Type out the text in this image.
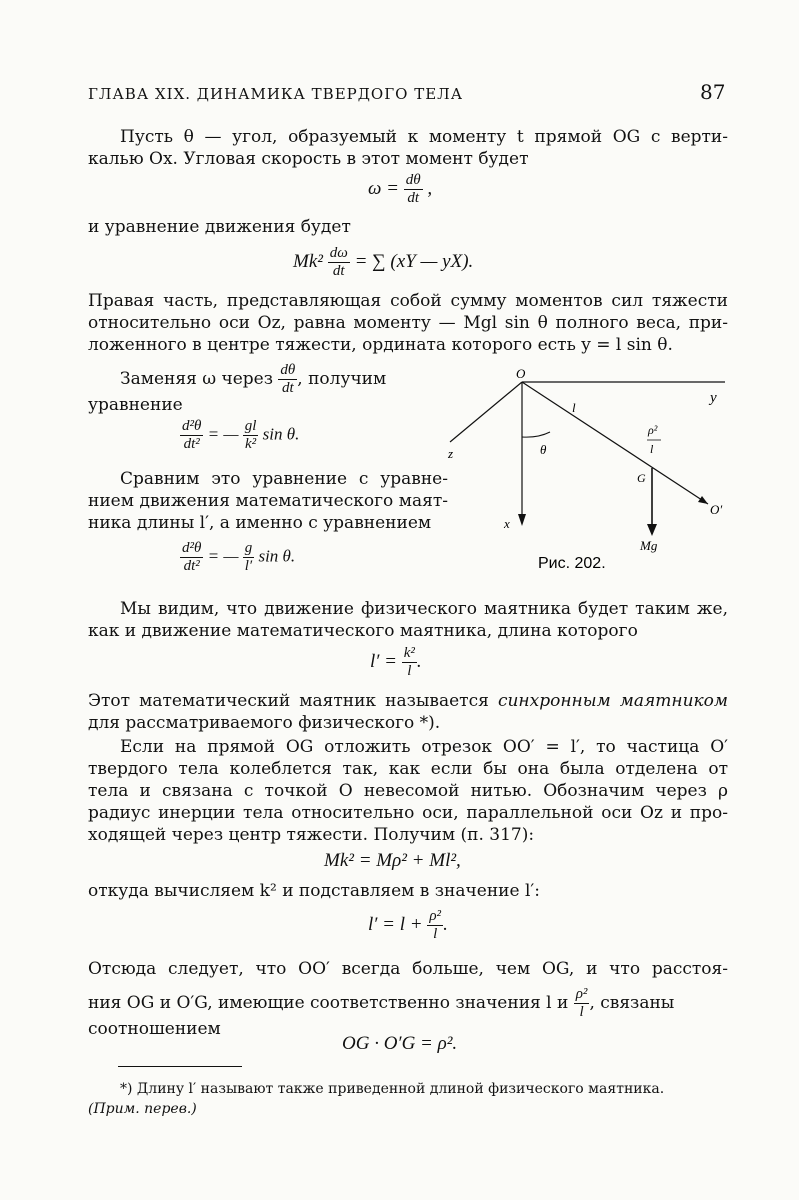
ГЛАВА XIX. ДИНАМИКА ТВЕРДОГО ТЕЛА	87
Пусть θ — угол, образуемый к моменту t прямой OG с верти-
калью Ox. Угловая скорость в этот момент будет
$\omega = \frac{d\theta}{dt}$ ,
и уравнение движения будет
$Mk^2 \frac{d\omega}{dt}$ = ∑ (xY — yX).
Правая часть, представляющая собой сумму моментов сил тяжести
относительно оси Oz, равна моменту — Mgl sin θ полного веса, при-
ложенного в центре тяжести, ордината которого есть y = l sin θ.
Заменяя ω через $\frac{d\theta}{dt}$ , получим
уравнение
$\frac{\text{d²θ}}{\text{dt²}}$ = — $\frac{gl}{\text{k²}}$ sin θ.
Сравним это уравнение с уравне-
нием движения математического маят-
ника длины l′, а именно с уравнением
$\frac{\text{d²θ}}{\text{dt²}}$ = — $\frac{g}{l'}$ sin θ.
O
y
l
ρ²
l
z	θ
G
O′
x
Mg
Рис. 202.
Мы видим, что движение физического маятника будет таким же,
как и движение математического маятника, длина которого
$l' = \frac{\text{k²}}{l}$ .
Этот математический маятник называется синхронным маятником
для рассматриваемого физического *).
Если на прямой OG отложить отрезок OO′ = l′, то частица O′
твердого тела колеблется так, как если бы она была отделена от
тела и связана с точкой O невесомой нитью. Обозначим через ρ
радиус инерции тела относительно оси, параллельной оси Oz и про-
ходящей через центр тяжести. Получим (п. 317):
Mk² = Mρ² + Ml²,
откуда вычисляем k² и подставляем в значение l′:
$l' = l + \frac{\text{ρ²}}{l}$ .
Отсюда следует, что OO′ всегда больше, чем OG, и что расстоя-
ния OG и O′G, имеющие соответственно значения l и $\frac{\text{ρ²}}{l}$ , связаны
соотношением
OG · O′G = ρ².
*) Длину l′ называют также приведенной длиной физического маятника.
(Прим. перев.)
